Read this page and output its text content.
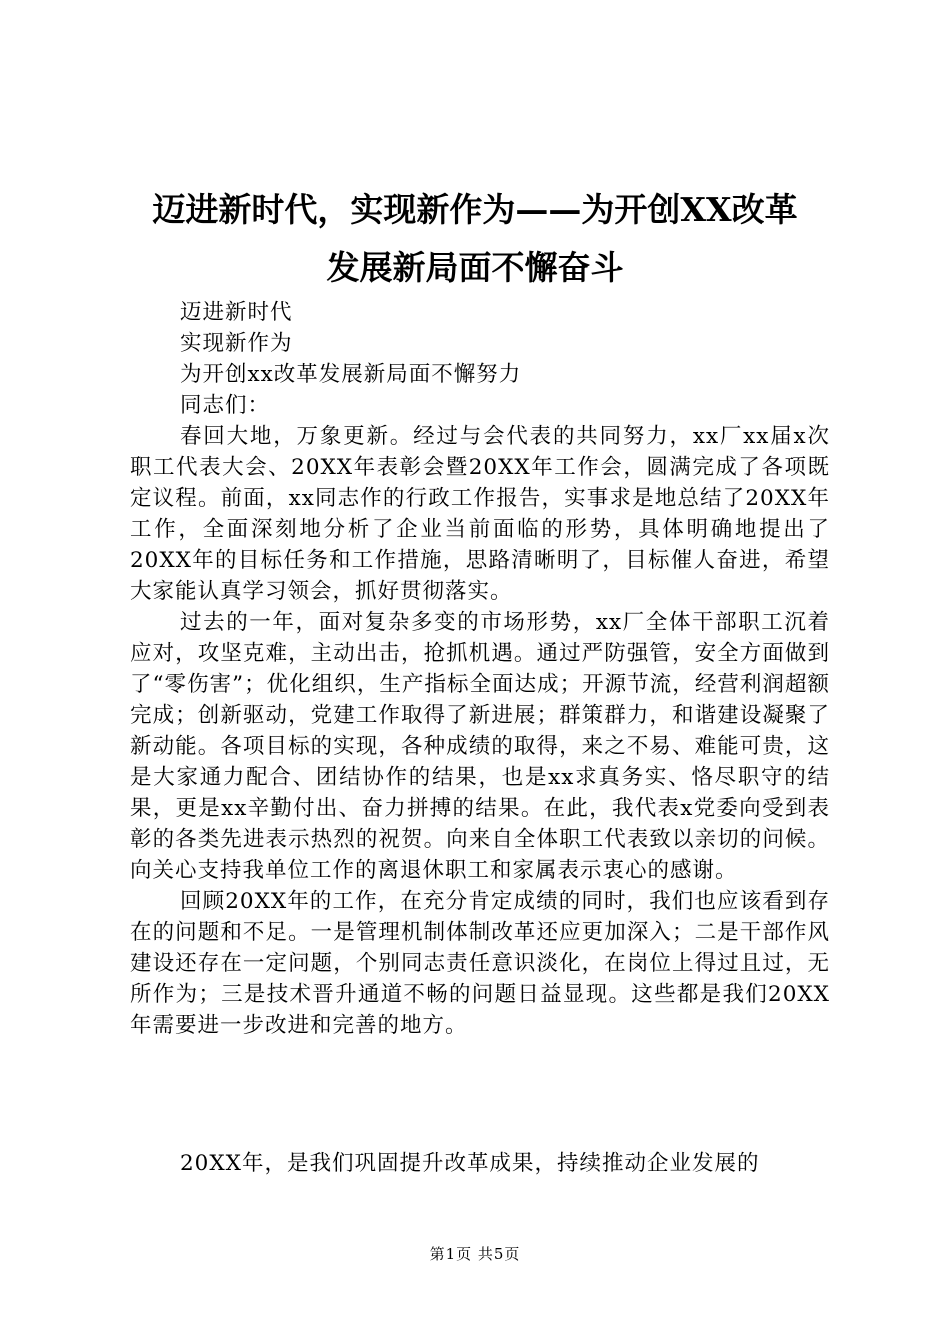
迈进新时代，实现新作为——为开创XX改革
发展新局面不懈奋斗
迈进新时代
实现新作为
为开创xx改革发展新局面不懈努力
同志们：

春回大地，万象更新。经过与会代表的共同努力，xx厂xx届x次职工代表大会、20XX年表彰会暨20XX年工作会，圆满完成了各项既定议程。前面，xx同志作的行政工作报告，实事求是地总结了20XX年工作，全面深刻地分析了企业当前面临的形势，具体明确地提出了20XX年的目标任务和工作措施，思路清晰明了，目标催人奋进，希望大家能认真学习领会，抓好贯彻落实。

过去的一年，面对复杂多变的市场形势，xx厂全体干部职工沉着应对，攻坚克难，主动出击，抢抓机遇。通过严防强管，安全方面做到了“零伤害”；优化组织，生产指标全面达成；开源节流，经营利润超额完成；创新驱动，党建工作取得了新进展；群策群力，和谐建设凝聚了新动能。各项目标的实现，各种成绩的取得，来之不易、难能可贵，这是大家通力配合、团结协作的结果，也是xx求真务实、恪尽职守的结果，更是xx辛勤付出、奋力拼搏的结果。在此，我代表x党委向受到表彰的各类先进表示热烈的祝贺。向来自全体职工代表致以亲切的问候。向关心支持我单位工作的离退休职工和家属表示衷心的感谢。

回顾20XX年的工作，在充分肯定成绩的同时，我们也应该看到存在的问题和不足。一是管理机制体制改革还应更加深入；二是干部作风建设还存在一定问题，个别同志责任意识淡化，在岗位上得过且过，无所作为；三是技术晋升通道不畅的问题日益显现。这些都是我们20XX年需要进一步改进和完善的地方。

20XX年，是我们巩固提升改革成果，持续推动企业发展的

第1页 共5页
